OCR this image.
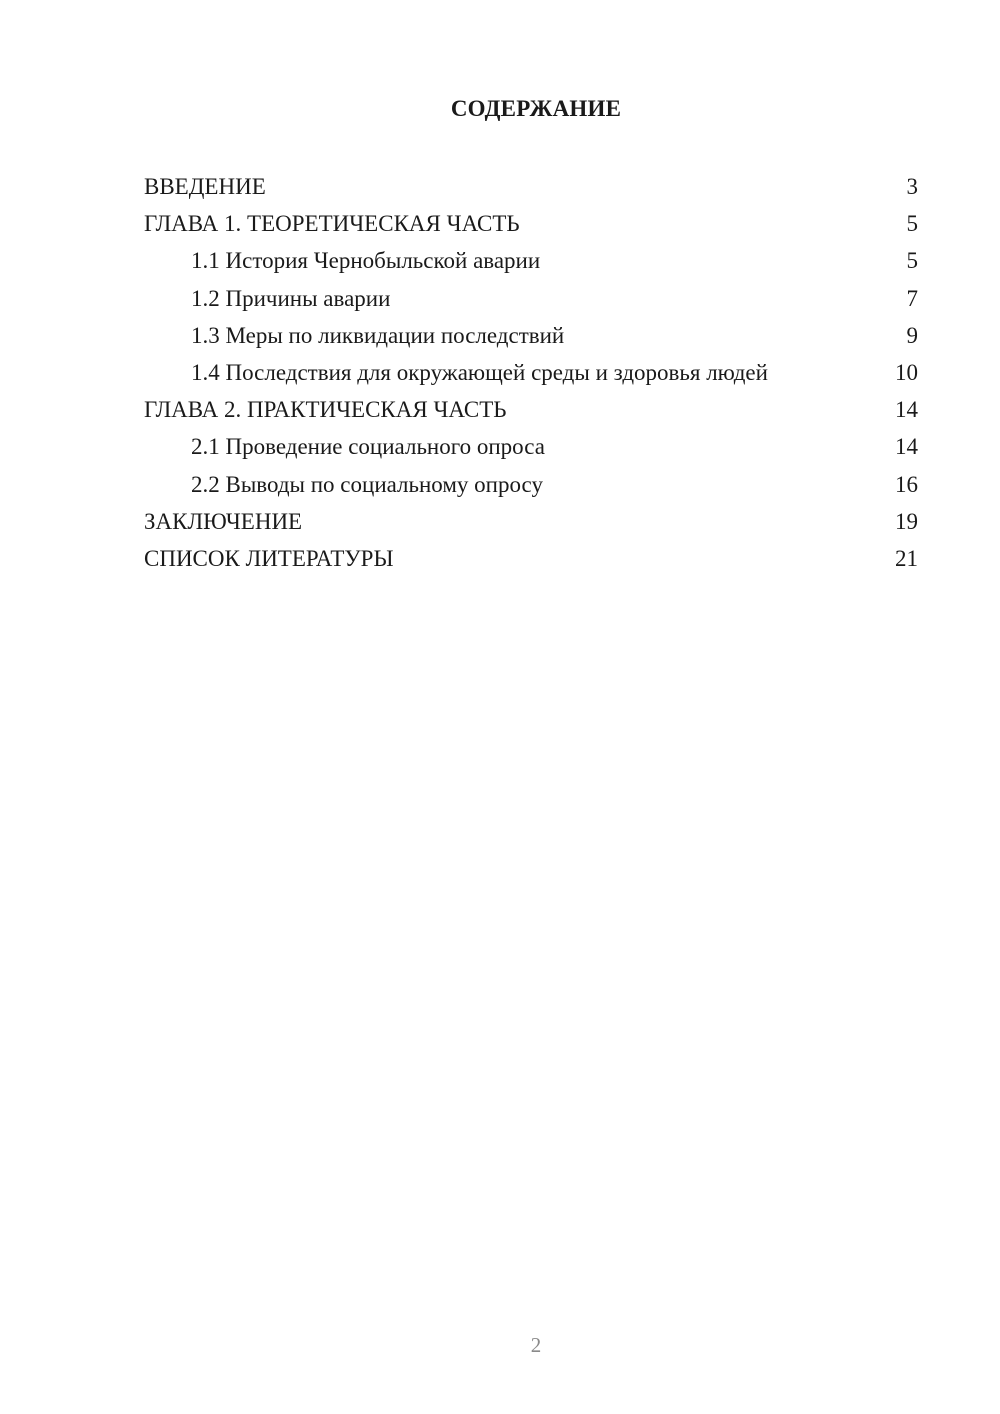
СОДЕРЖАНИЕ
ВВЕДЕНИЕ	3
ГЛАВА 1. ТЕОРЕТИЧЕСКАЯ ЧАСТЬ	5
1.1 История Чернобыльской аварии	5
1.2 Причины аварии	7
1.3 Меры по ликвидации последствий	9
1.4 Последствия для окружающей среды и здоровья людей	10
ГЛАВА 2. ПРАКТИЧЕСКАЯ ЧАСТЬ	14
2.1 Проведение социального опроса	14
2.2 Выводы по социальному опросу	16
ЗАКЛЮЧЕНИЕ	19
СПИСОК ЛИТЕРАТУРЫ	21
2
